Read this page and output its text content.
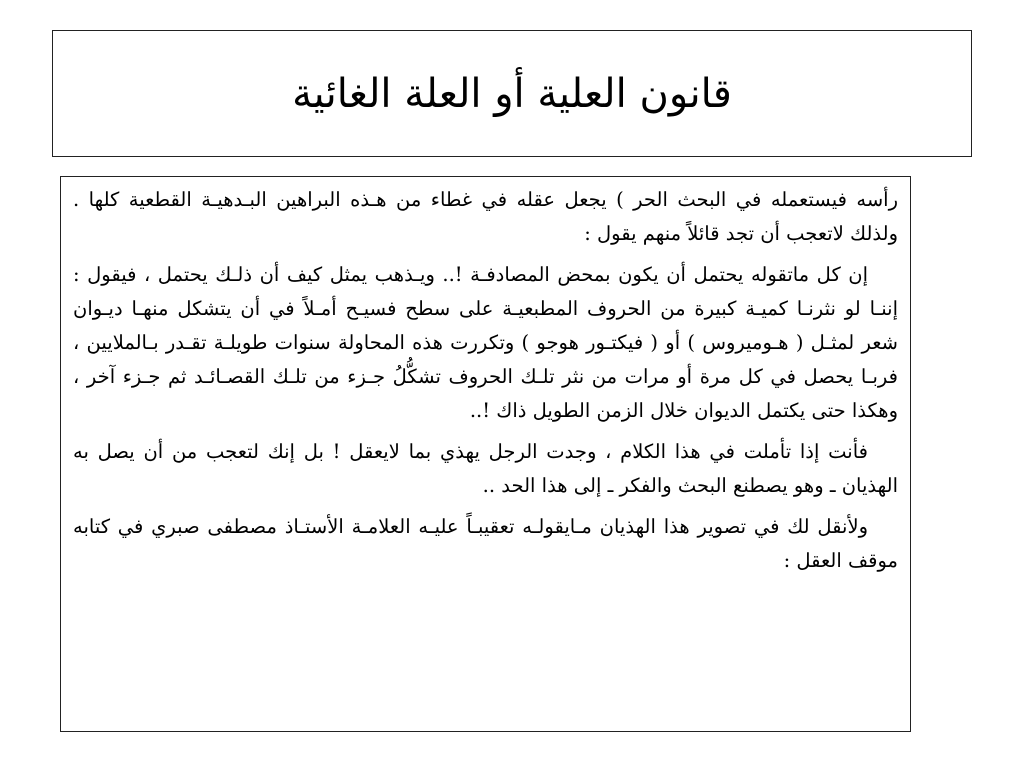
قانون العلية أو العلة الغائية

رأسه فيستعمله في البحث الحر ) يجعل عقله في غطاء من هـذه البراهين البـدهيـة القطعية كلها . ولذلك لاتعجب أن تجد قائلاً منهم يقول :

إن كل ماتقوله يحتمل أن يكون بمحض المصادفـة !.. ويـذهب يمثل كيف أن ذلـك يحتمل ، فيقول : إننـا لو نثرنـا كميـة كبيرة من الحروف المطبعيـة على سطح فسيـح أمـلاً في أن يتشكل منهـا ديـوان شعر لمثـل ( هـوميروس ) أو ( فيكتـور هوجو ) وتكررت هذه المحاولة سنوات طويلـة تقـدر بـالملايين ، فربـا يحصل في كل مرة أو مرات من نثر تلـك الحروف تشكُّلُ جـزء من تلـك القصـائـد ثم جـزء آخر ، وهكذا حتى يكتمل الديوان خلال الزمن الطويل ذاك !..

فأنت إذا تأملت في هذا الكلام ، وجدت الرجل يهذي بما لايعقل ! بل إنك لتعجب من أن يصل به الهذيان ـ وهو يصطنع البحث والفكر ـ إلى هذا الحد ..

ولأنقل لك في تصوير هذا الهذيان مـايقولـه تعقيبـاً عليـه العلامـة الأستـاذ مصطفى صبري في كتابه موقف العقل :
